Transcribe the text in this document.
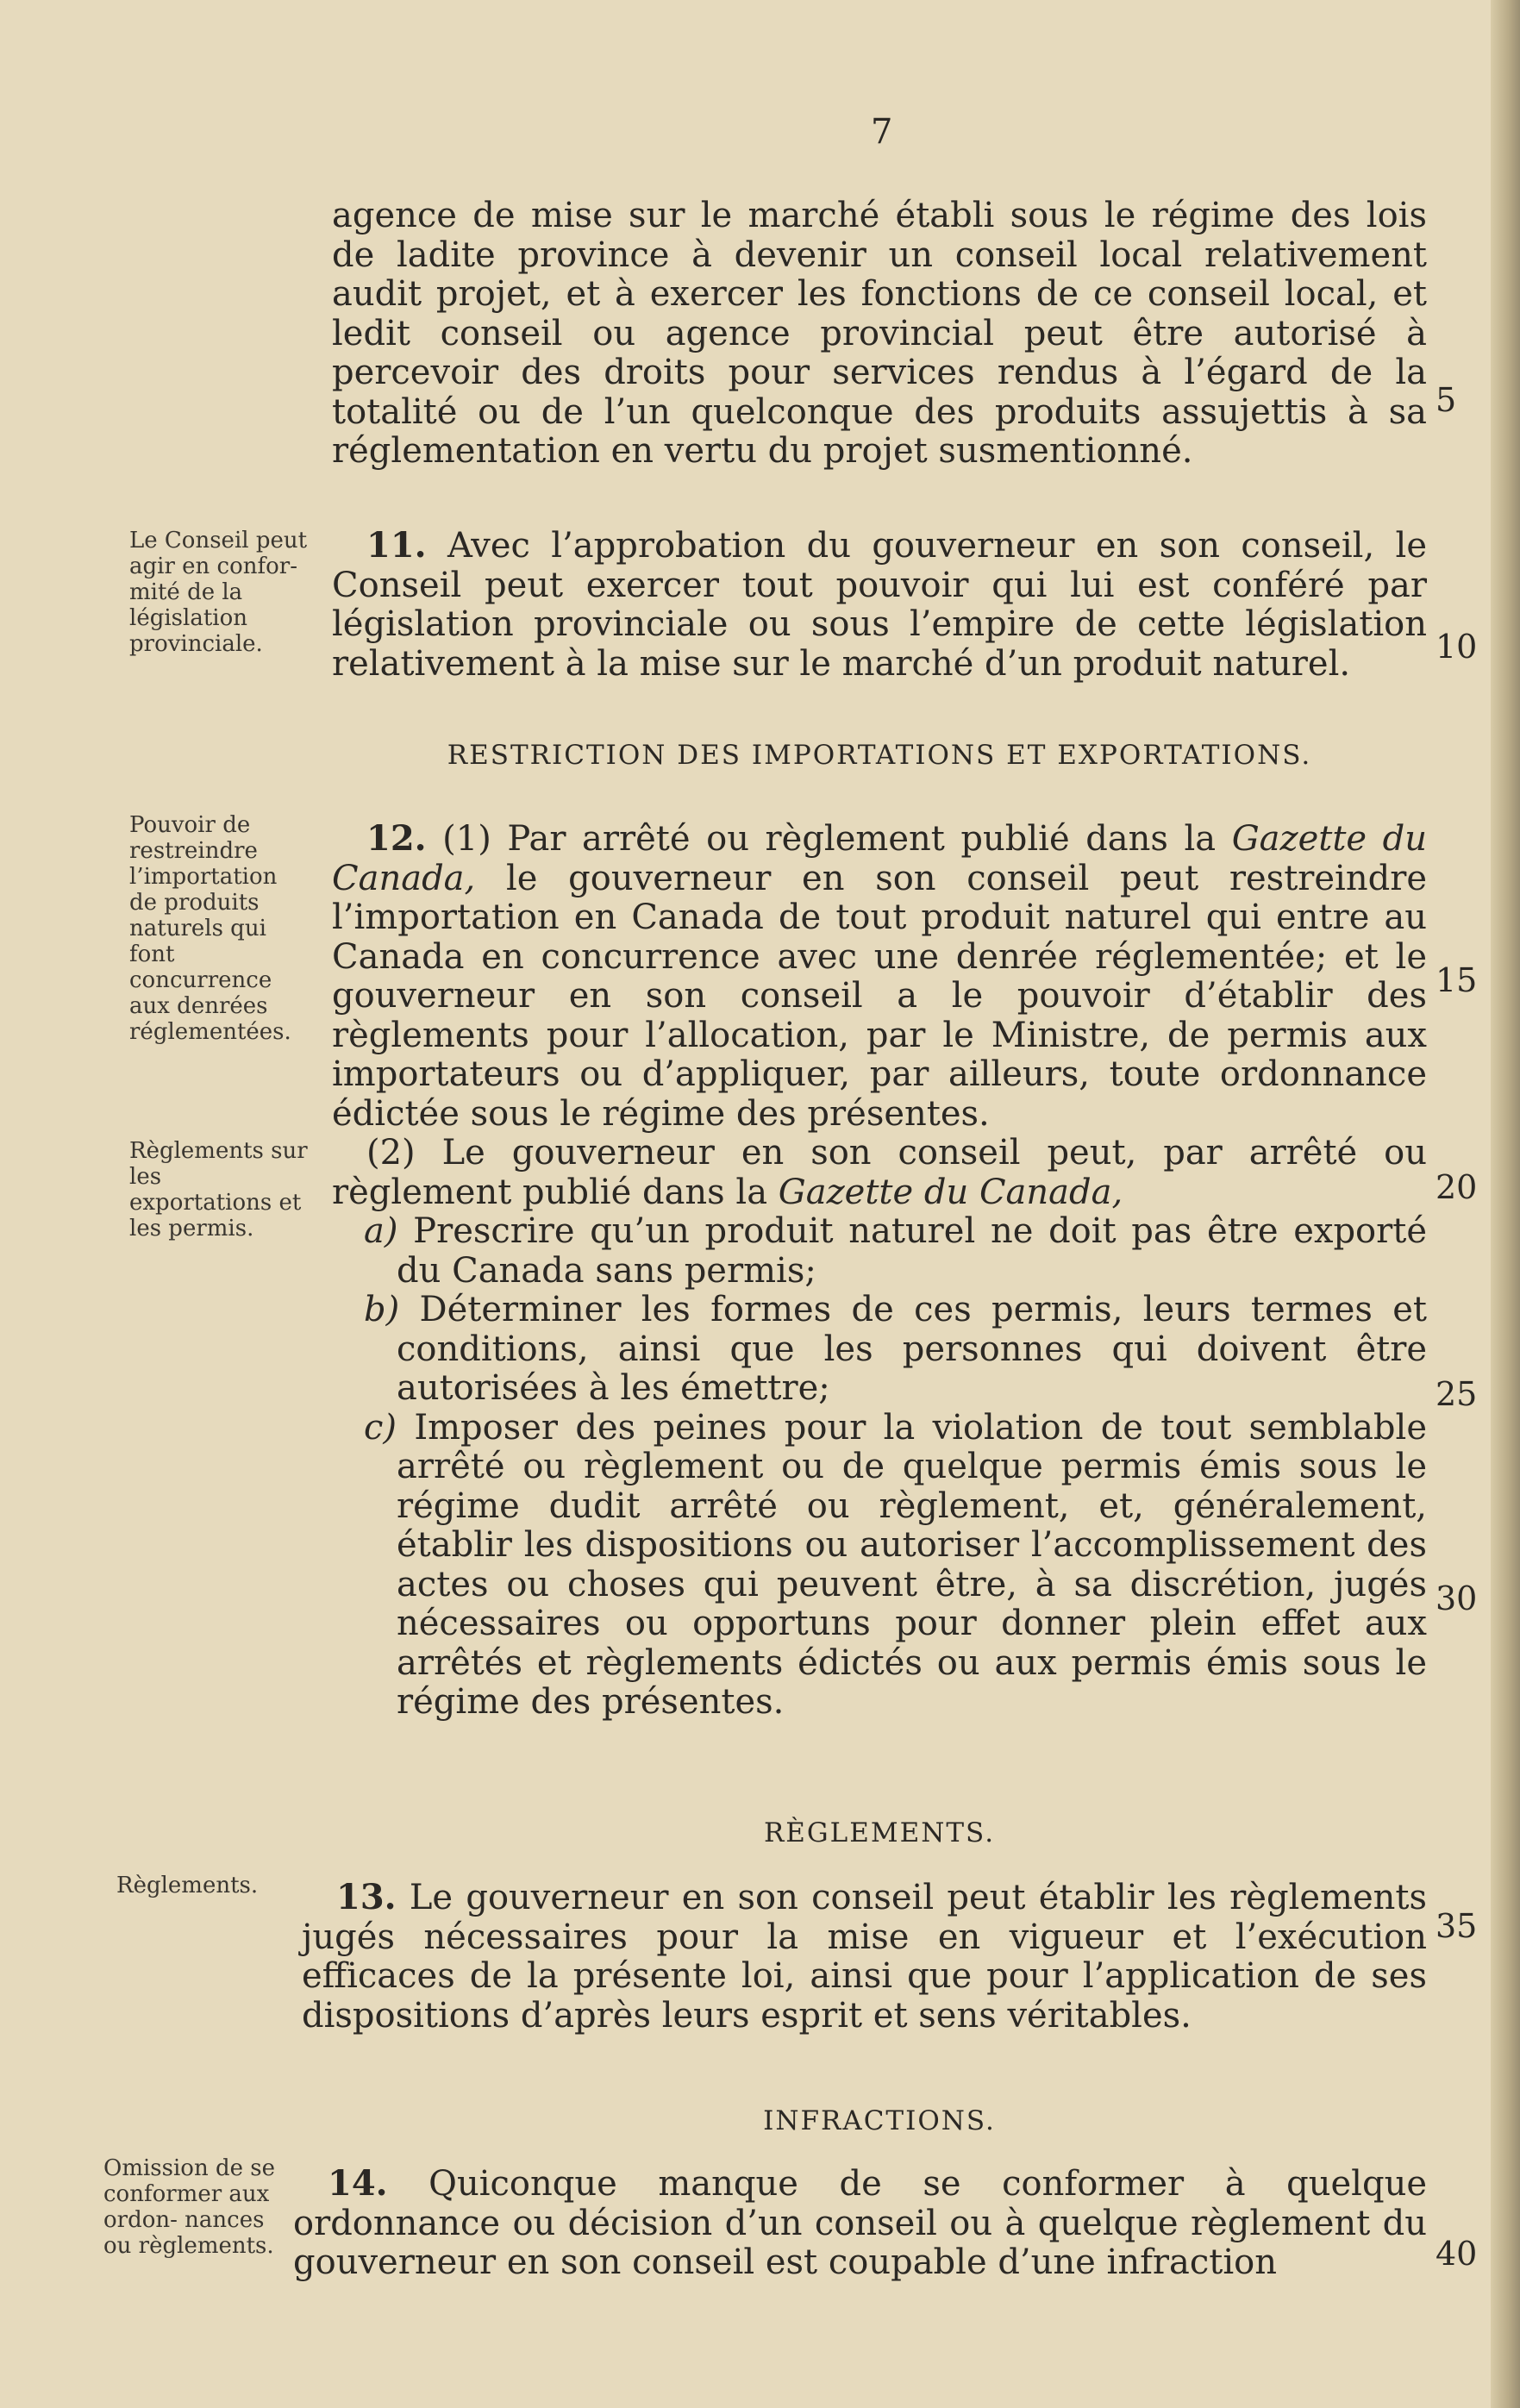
7

agence de mise sur le marché établi sous le régime des lois de ladite province à devenir un conseil local relativement audit projet, et à exercer les fonctions de ce conseil local, et ledit conseil ou agence provincial peut être autorisé à percevoir des droits pour services rendus à l’égard de la totalité ou de l’un quelconque des produits assujettis à sa réglementation en vertu du projet susmentionné.

Le Conseil peut agir en confor- mité de la législation provinciale.

11. Avec l’approbation du gouverneur en son conseil, le Conseil peut exercer tout pouvoir qui lui est conféré par législation provinciale ou sous l’empire de cette législation relativement à la mise sur le marché d’un produit naturel.

RESTRICTION DES IMPORTATIONS ET EXPORTATIONS.
Pouvoir de restreindre l’importation de produits naturels qui font concurrence aux denrées réglementées.
Règlements sur les exportations et les permis.

12. (1) Par arrêté ou règlement publié dans la Gazette du Canada, le gouverneur en son conseil peut restreindre l’importation en Canada de tout produit naturel qui entre au Canada en concurrence avec une denrée réglementée; et le gouverneur en son conseil a le pouvoir d’établir des règlements pour l’allocation, par le Ministre, de permis aux importateurs ou d’appliquer, par ailleurs, toute ordonnance édictée sous le régime des présentes.

(2) Le gouverneur en son conseil peut, par arrêté ou règlement publié dans la Gazette du Canada,

a) Prescrire qu’un produit naturel ne doit pas être exporté du Canada sans permis;

b) Déterminer les formes de ces permis, leurs termes et conditions, ainsi que les personnes qui doivent être autorisées à les émettre;

c) Imposer des peines pour la violation de tout semblable arrêté ou règlement ou de quelque permis émis sous le régime dudit arrêté ou règlement, et, généralement, établir les dispositions ou autoriser l’accomplissement des actes ou choses qui peuvent être, à sa discrétion, jugés nécessaires ou opportuns pour donner plein effet aux arrêtés et règlements édictés ou aux permis émis sous le régime des présentes.

RÈGLEMENTS.
Règlements.	13. Le gouverneur en son conseil peut établir les règlements jugés nécessaires pour la mise en vigueur et l’exécution efficaces de la présente loi, ainsi que pour l’application de ses dispositions d’après leurs esprit et sens véritables.

INFRACTIONS.
Omission de se conformer aux ordon- nances ou règlements.

14. Quiconque manque de se conformer à quelque ordonnance ou décision d’un conseil ou à quelque règlement du gouverneur en son conseil est coupable d’une infraction

5
10
15
20
25
30
35
40
